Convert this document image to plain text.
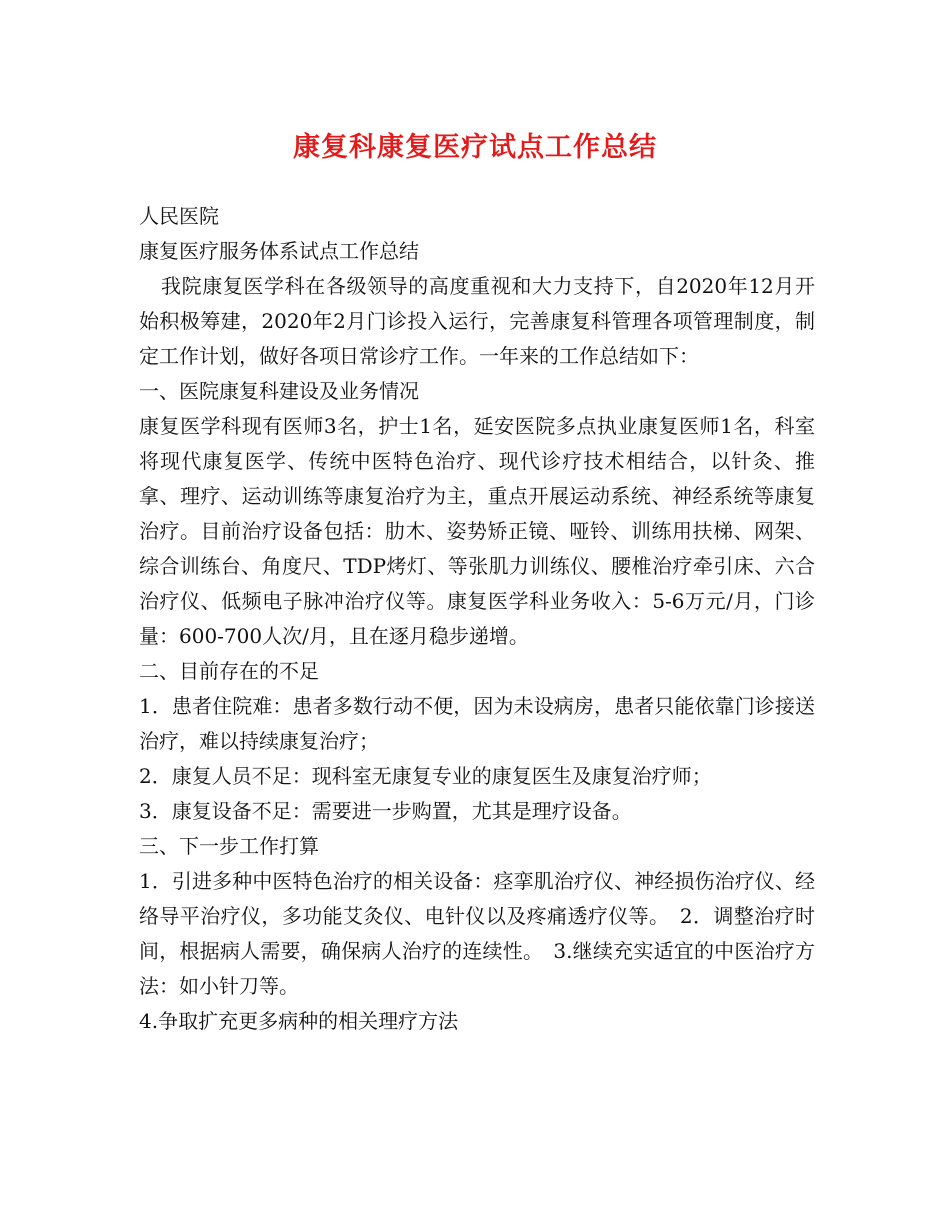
康复科康复医疗试点工作总结

人民医院

康复医疗服务体系试点工作总结

我院康复医学科在各级领导的高度重视和大力支持下，自2020年12月开始积极筹建，2020年2月门诊投入运行，完善康复科管理各项管理制度，制定工作计划，做好各项日常诊疗工作。一年来的工作总结如下：

一、医院康复科建设及业务情况

康复医学科现有医师3名，护士1名，延安医院多点执业康复医师1名，科室将现代康复医学、传统中医特色治疗、现代诊疗技术相结合，以针灸、推拿、理疗、运动训练等康复治疗为主，重点开展运动系统、神经系统等康复治疗。目前治疗设备包括：肋木、姿势矫正镜、哑铃、训练用扶梯、网架、综合训练台、角度尺、TDP烤灯、等张肌力训练仪、腰椎治疗牵引床、六合治疗仪、低频电子脉冲治疗仪等。康复医学科业务收入：5-6万元/月，门诊量：600-700人次/月，且在逐月稳步递增。

二、目前存在的不足

1．患者住院难：患者多数行动不便，因为未设病房，患者只能依靠门诊接送治疗，难以持续康复治疗；

2．康复人员不足：现科室无康复专业的康复医生及康复治疗师；

3．康复设备不足：需要进一步购置，尤其是理疗设备。

三、下一步工作打算

1．引进多种中医特色治疗的相关设备：痉挛肌治疗仪、神经损伤治疗仪、经络导平治疗仪，多功能艾灸仪、电针仪以及疼痛透疗仪等。　2．调整治疗时间，根据病人需要，确保病人治疗的连续性。　3.继续充实适宜的中医治疗方法：如小针刀等。

4.争取扩充更多病种的相关理疗方法
